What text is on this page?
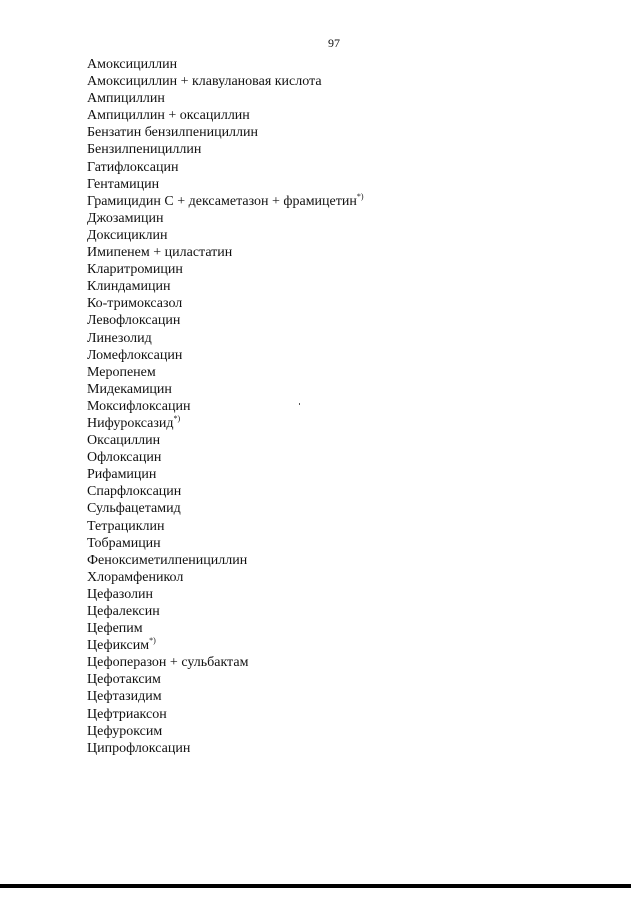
97
Амоксициллин
Амоксициллин + клавулановая кислота
Ампициллин
Ампициллин + оксациллин
Бензатин бензилпенициллин
Бензилпенициллин
Гатифлоксацин
Гентамицин
Грамицидин С + дексаметазон + фрамицетин*)
Джозамицин
Доксициклин
Имипенем + циластатин
Кларитромицин
Клиндамицин
Ко-тримоксазол
Левофлоксацин
Линезолид
Ломефлоксацин
Меропенем
Мидекамицин
Моксифлоксацин
Нифуроксазид*)
Оксациллин
Офлоксацин
Рифамицин
Спарфлоксацин
Сульфацетамид
Тетрациклин
Тобрамицин
Феноксиметилпенициллин
Хлорамфеникол
Цефазолин
Цефалексин
Цефепим
Цефиксим*)
Цефоперазон + сульбактам
Цефотаксим
Цефтазидим
Цефтриаксон
Цефуроксим
Ципрофлоксацин
